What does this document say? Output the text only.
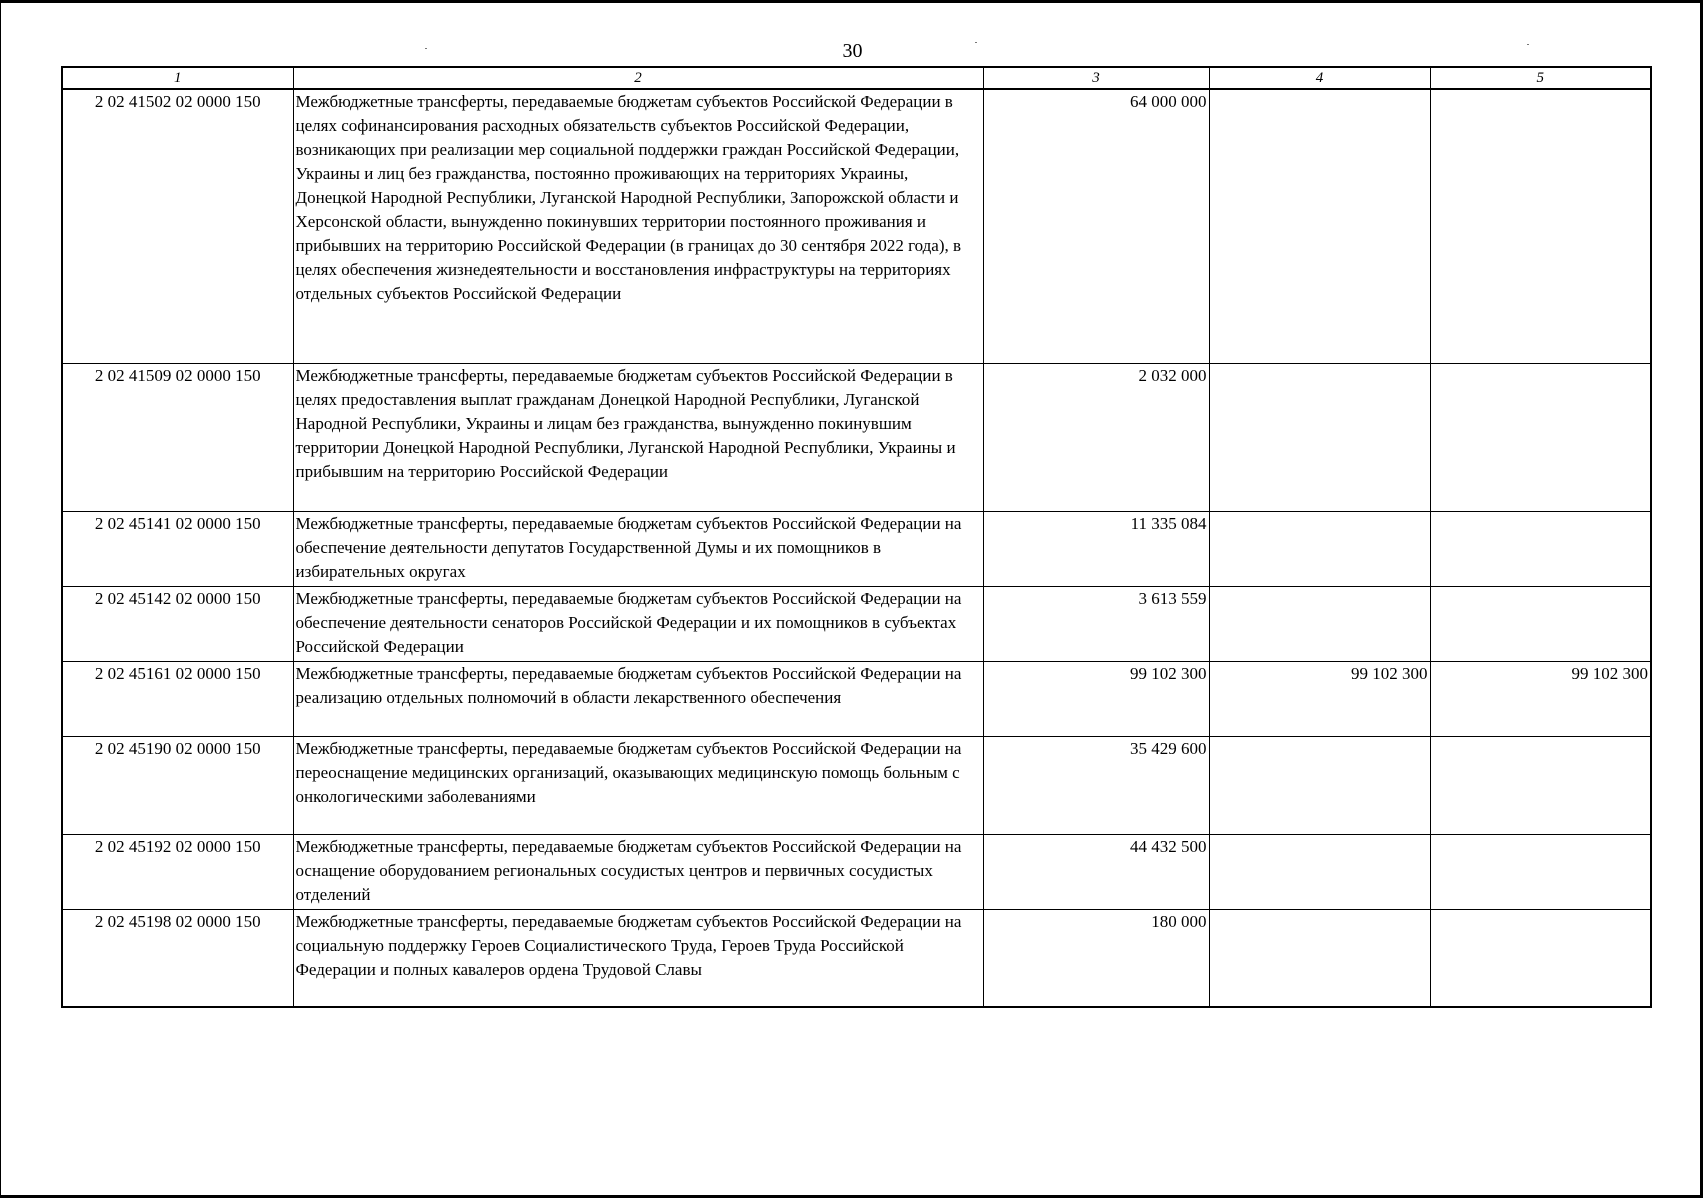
30
1	2	3	4	5
2 02 41502 02 0000 150	Межбюджетные трансферты, передаваемые бюджетам субъектов Российской Федерации в целях софинансирования расходных обязательств субъектов Российской Федерации, возникающих при реализации мер социальной поддержки граждан Российской Федерации, Украины и лиц без гражданства, постоянно проживающих на территориях Украины, Донецкой Народной Республики, Луганской Народной Республики, Запорожской области и Херсонской области, вынужденно покинувших территории постоянного проживания и прибывших на территорию Российской Федерации (в границах до 30 сентября 2022 года), в целях обеспечения жизнедеятельности и восстановления инфраструктуры на территориях отдельных субъектов Российской Федерации	64 000 000		
2 02 41509 02 0000 150	Межбюджетные трансферты, передаваемые бюджетам субъектов Российской Федерации в целях предоставления выплат гражданам Донецкой Народной Республики, Луганской Народной Республики, Украины и лицам без гражданства, вынужденно покинувшим территории Донецкой Народной Республики, Луганской Народной Республики, Украины и прибывшим на территорию Российской Федерации	2 032 000		
2 02 45141 02 0000 150	Межбюджетные трансферты, передаваемые бюджетам субъектов Российской Федерации на обеспечение деятельности депутатов Государственной Думы и их помощников в избирательных округах	11 335 084		
2 02 45142 02 0000 150	Межбюджетные трансферты, передаваемые бюджетам субъектов Российской Федерации на обеспечение деятельности сенаторов Российской Федерации и их помощников в субъектах Российской Федерации	3 613 559		
2 02 45161 02 0000 150	Межбюджетные трансферты, передаваемые бюджетам субъектов Российской Федерации на реализацию отдельных полномочий в области лекарственного обеспечения	99 102 300	99 102 300	99 102 300
2 02 45190 02 0000 150	Межбюджетные трансферты, передаваемые бюджетам субъектов Российской Федерации на переоснащение медицинских организаций, оказывающих медицинскую помощь больным с онкологическими заболеваниями	35 429 600		
2 02 45192 02 0000 150	Межбюджетные трансферты, передаваемые бюджетам субъектов Российской Федерации на оснащение оборудованием региональных сосудистых центров и первичных сосудистых отделений	44 432 500		
2 02 45198 02 0000 150	Межбюджетные трансферты, передаваемые бюджетам субъектов Российской Федерации на социальную поддержку Героев Социалистического Труда, Героев Труда Российской Федерации и полных кавалеров ордена Трудовой Славы	180 000		
